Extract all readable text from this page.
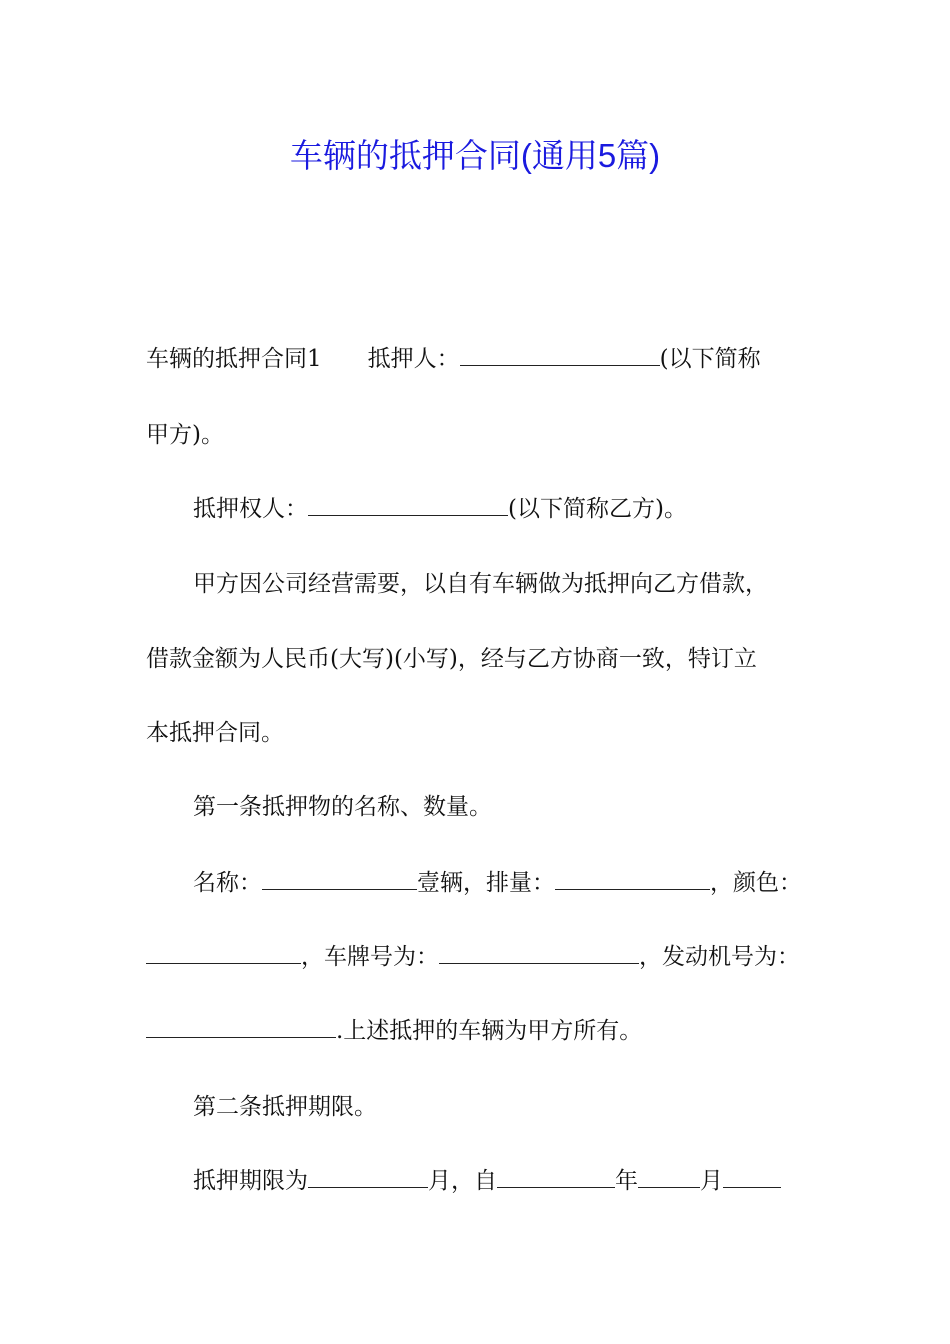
车辆的抵押合同(通用5篇)
车辆的抵押合同1 抵押人：	(以下简称
甲方)。
抵押权人：	(以下简称乙方)。
甲方因公司经营需要，以自有车辆做为抵押向乙方借款，
借款金额为人民币(大写)(小写)，经与乙方协商一致，特订立
本抵押合同。
第一条抵押物的名称、数量。
名称：	壹辆，排量：	，颜色：
，车牌号为：	，发动机号为：
.上述抵押的车辆为甲方所有。
第二条抵押期限。
抵押期限为	月，自	年	月
